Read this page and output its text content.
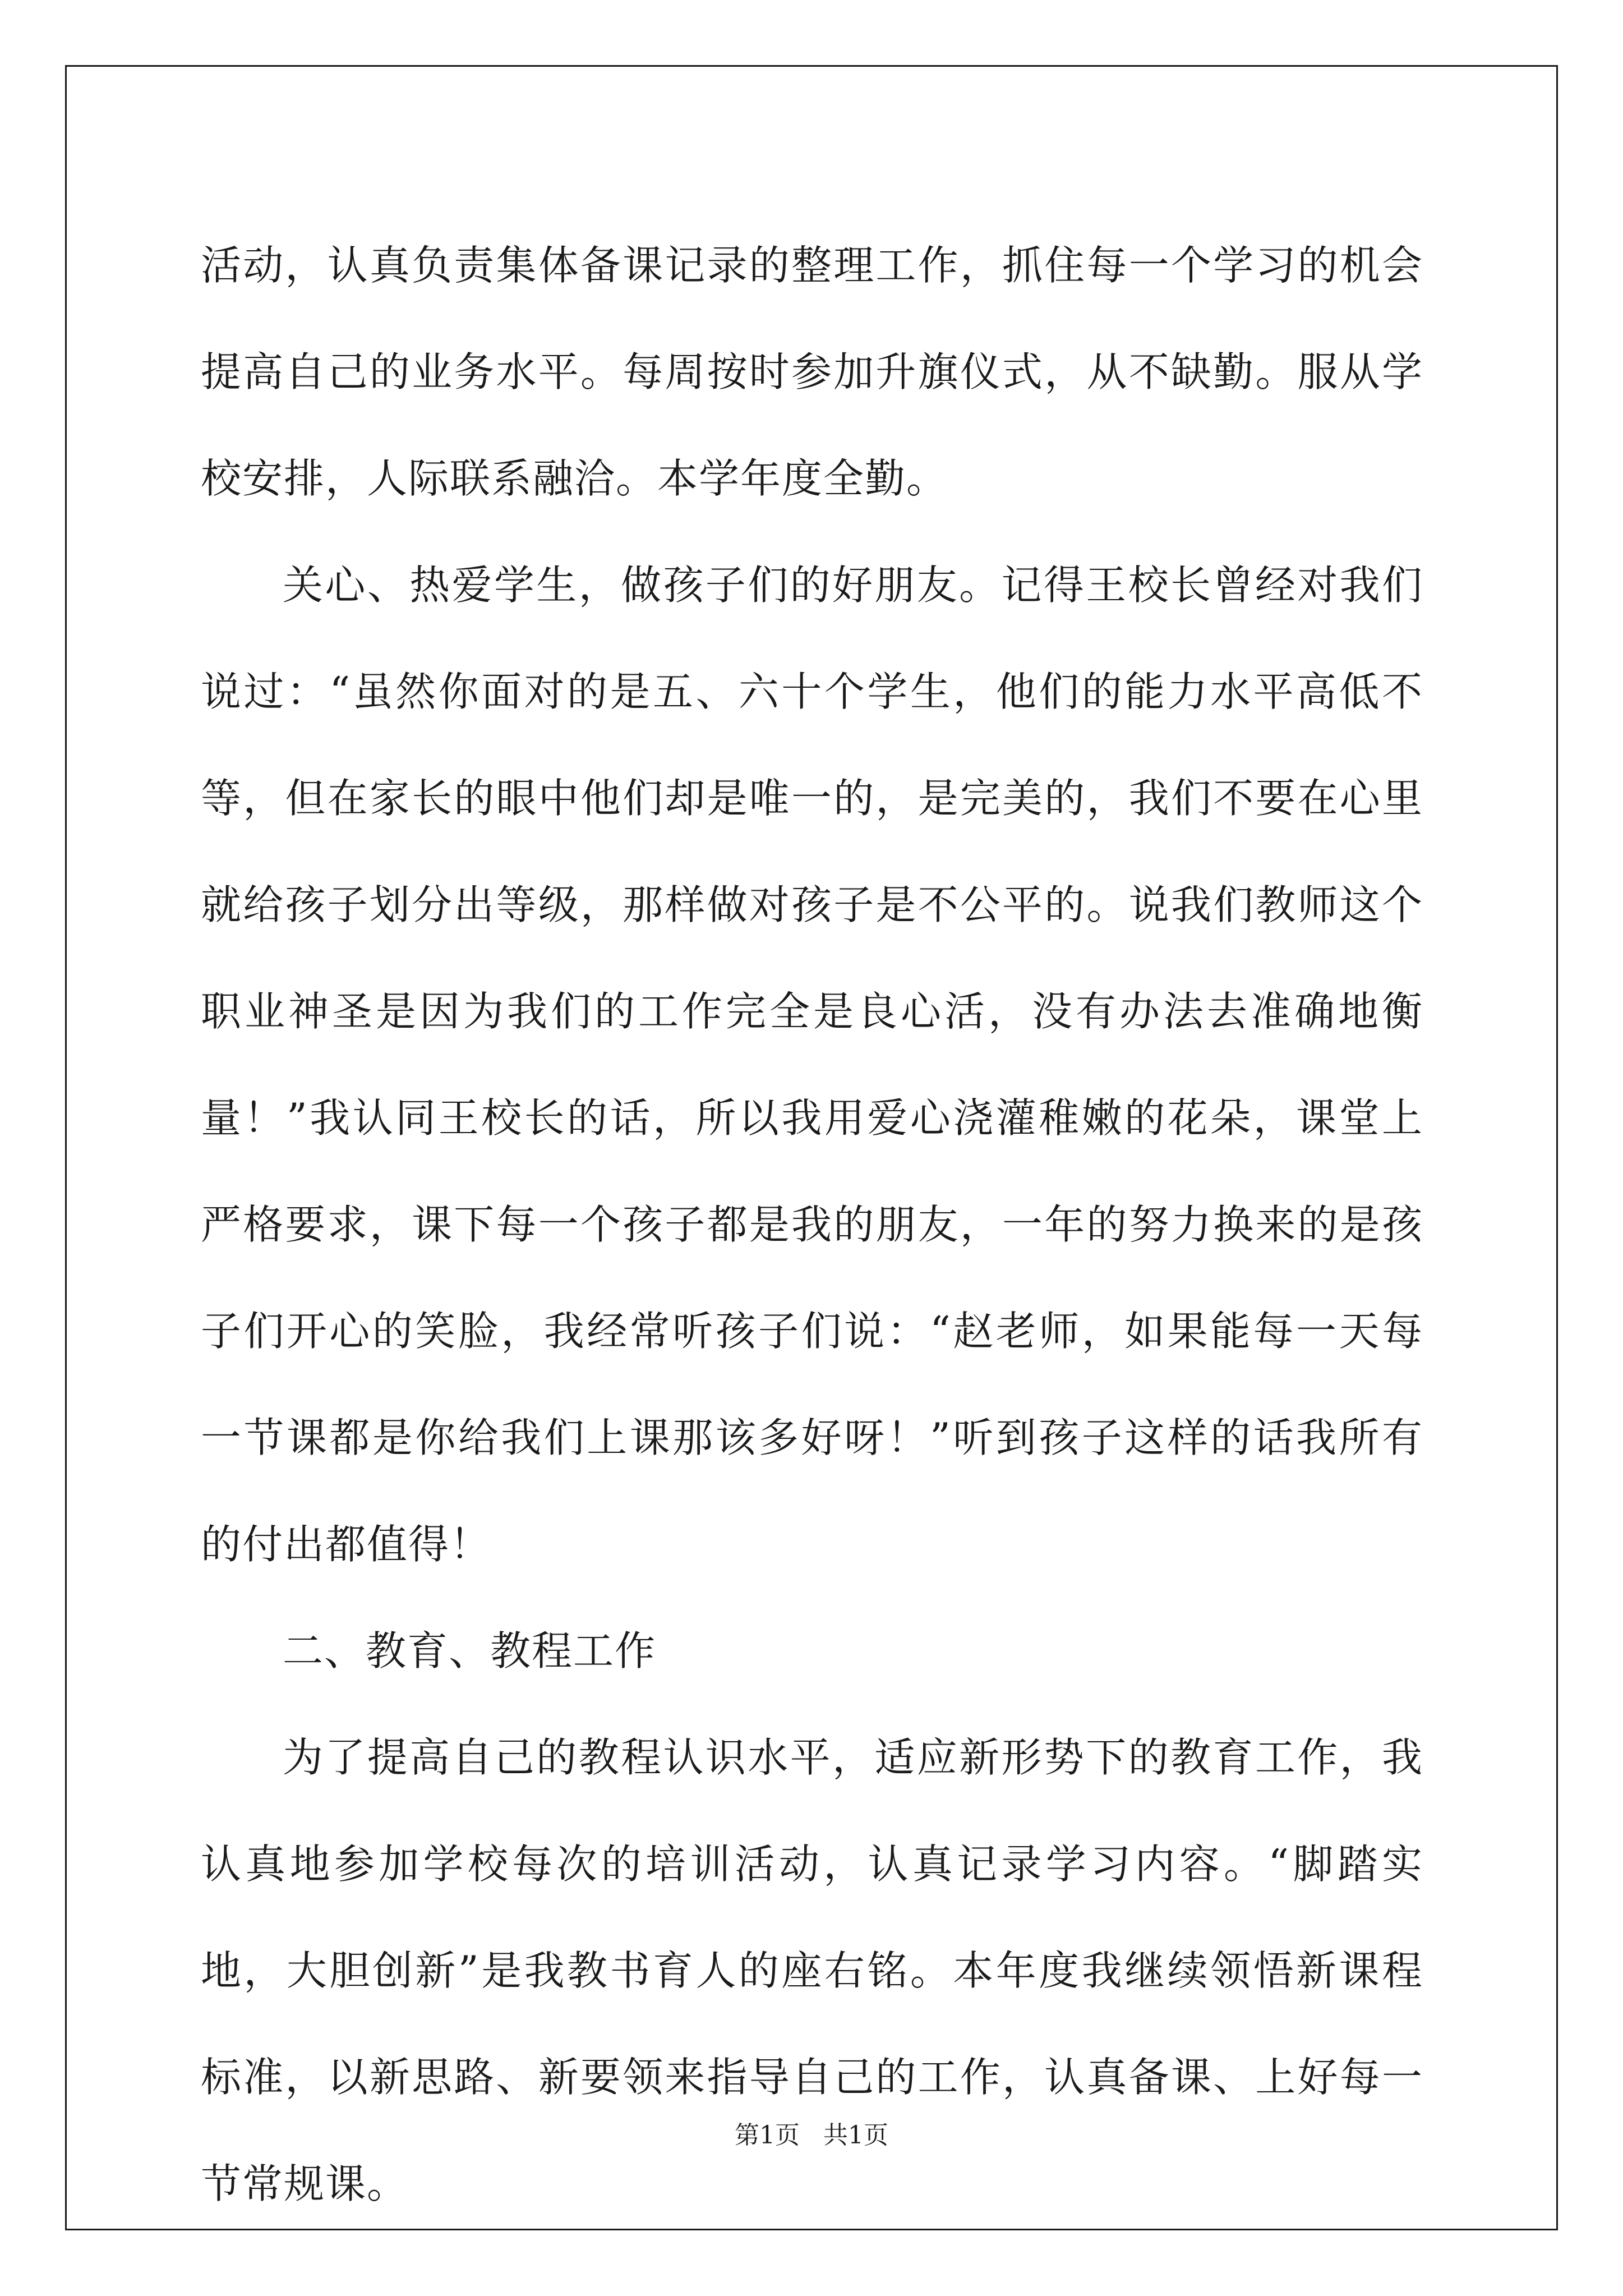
活动，认真负责集体备课记录的整理工作，抓住每一个学习的机会提高自己的业务水平。每周按时参加升旗仪式，从不缺勤。服从学校安排，人际联系融洽。本学年度全勤。

关心、热爱学生，做孩子们的好朋友。记得王校长曾经对我们说过：“虽然你面对的是五、六十个学生，他们的能力水平高低不等，但在家长的眼中他们却是唯一的，是完美的，我们不要在心里就给孩子划分出等级，那样做对孩子是不公平的。说我们教师这个职业神圣是因为我们的工作完全是良心活，没有办法去准确地衡量！”我认同王校长的话，所以我用爱心浇灌稚嫩的花朵，课堂上严格要求，课下每一个孩子都是我的朋友，一年的努力换来的是孩子们开心的笑脸，我经常听孩子们说：“赵老师，如果能每一天每一节课都是你给我们上课那该多好呀！”听到孩子这样的话我所有的付出都值得！

二、教育、教程工作

为了提高自己的教程认识水平，适应新形势下的教育工作，我认真地参加学校每次的培训活动，认真记录学习内容。“脚踏实地，大胆创新”是我教书育人的座右铭。本年度我继续领悟新课程标准，以新思路、新要领来指导自己的工作，认真备课、上好每一节常规课。

第1页 共1页
